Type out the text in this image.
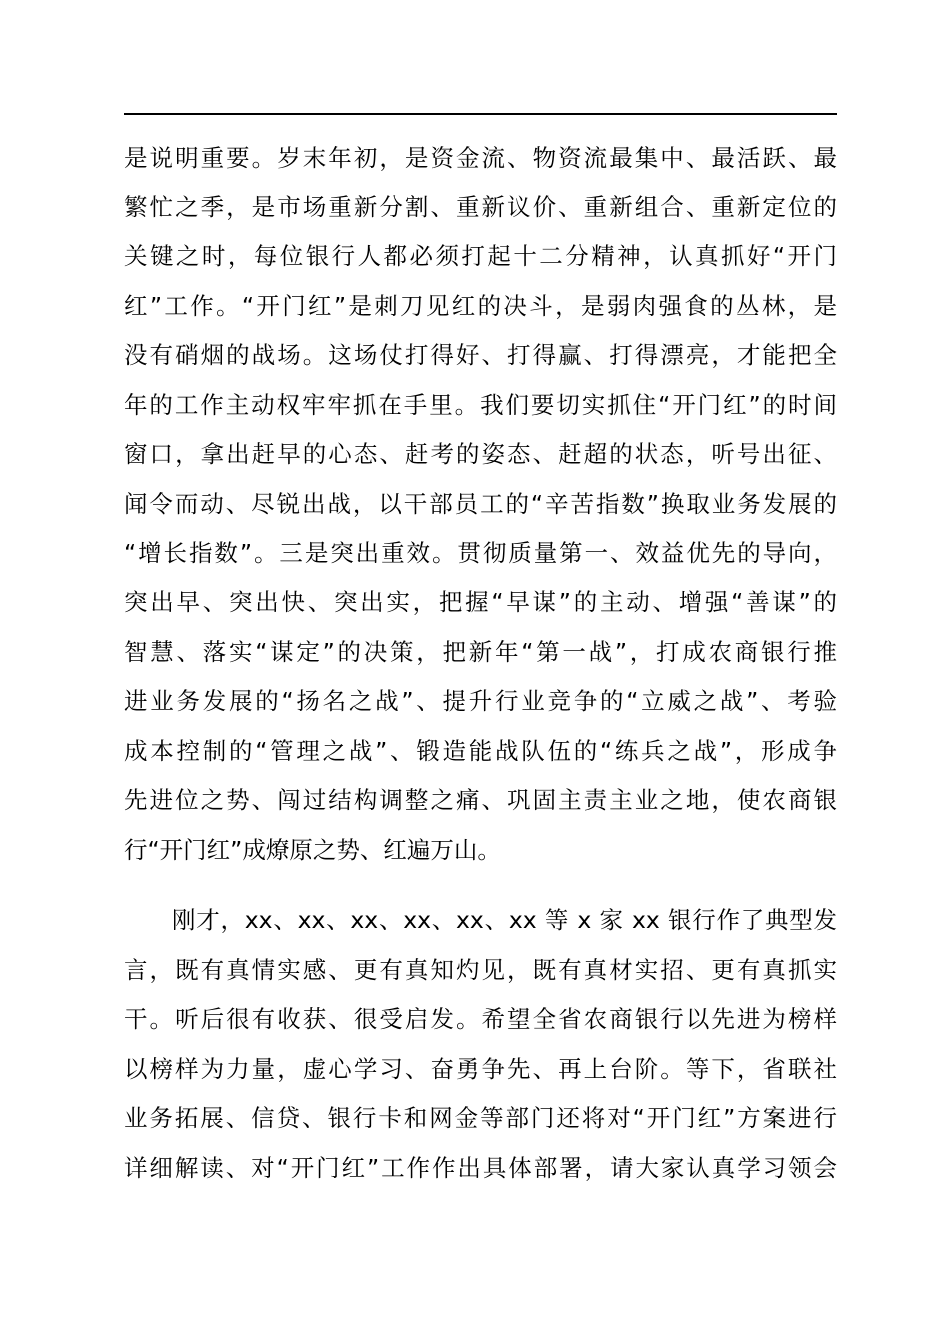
是说明重要。岁末年初，是资金流、物资流最集中、最活跃、最
繁忙之季，是市场重新分割、重新议价、重新组合、重新定位的
关键之时，每位银行人都必须打起十二分精神，认真抓好“开门
红”工作。“开门红”是刺刀见红的决斗，是弱肉强食的丛林，是
没有硝烟的战场。这场仗打得好、打得赢、打得漂亮，才能把全
年的工作主动权牢牢抓在手里。我们要切实抓住“开门红”的时间
窗口，拿出赶早的心态、赶考的姿态、赶超的状态，听号出征、
闻令而动、尽锐出战，以干部员工的“辛苦指数”换取业务发展的
“增长指数”。三是突出重效。贯彻质量第一、效益优先的导向，
突出早、突出快、突出实，把握“早谋”的主动、增强“善谋”的
智慧、落实“谋定”的决策，把新年“第一战”，打成农商银行推
进业务发展的“扬名之战”、提升行业竞争的“立威之战”、考验
成本控制的“管理之战”、锻造能战队伍的“练兵之战”，形成争
先进位之势、闯过结构调整之痛、巩固主责主业之地，使农商银
行“开门红”成燎原之势、红遍万山。
刚才，xx、xx、xx、xx、xx、xx 等 x 家 xx 银行作了典型发
言，既有真情实感、更有真知灼见，既有真材实招、更有真抓实
干。听后很有收获、很受启发。希望全省农商银行以先进为榜样
以榜样为力量，虚心学习、奋勇争先、再上台阶。等下，省联社
业务拓展、信贷、银行卡和网金等部门还将对“开门红”方案进行
详细解读、对“开门红”工作作出具体部署，请大家认真学习领会
